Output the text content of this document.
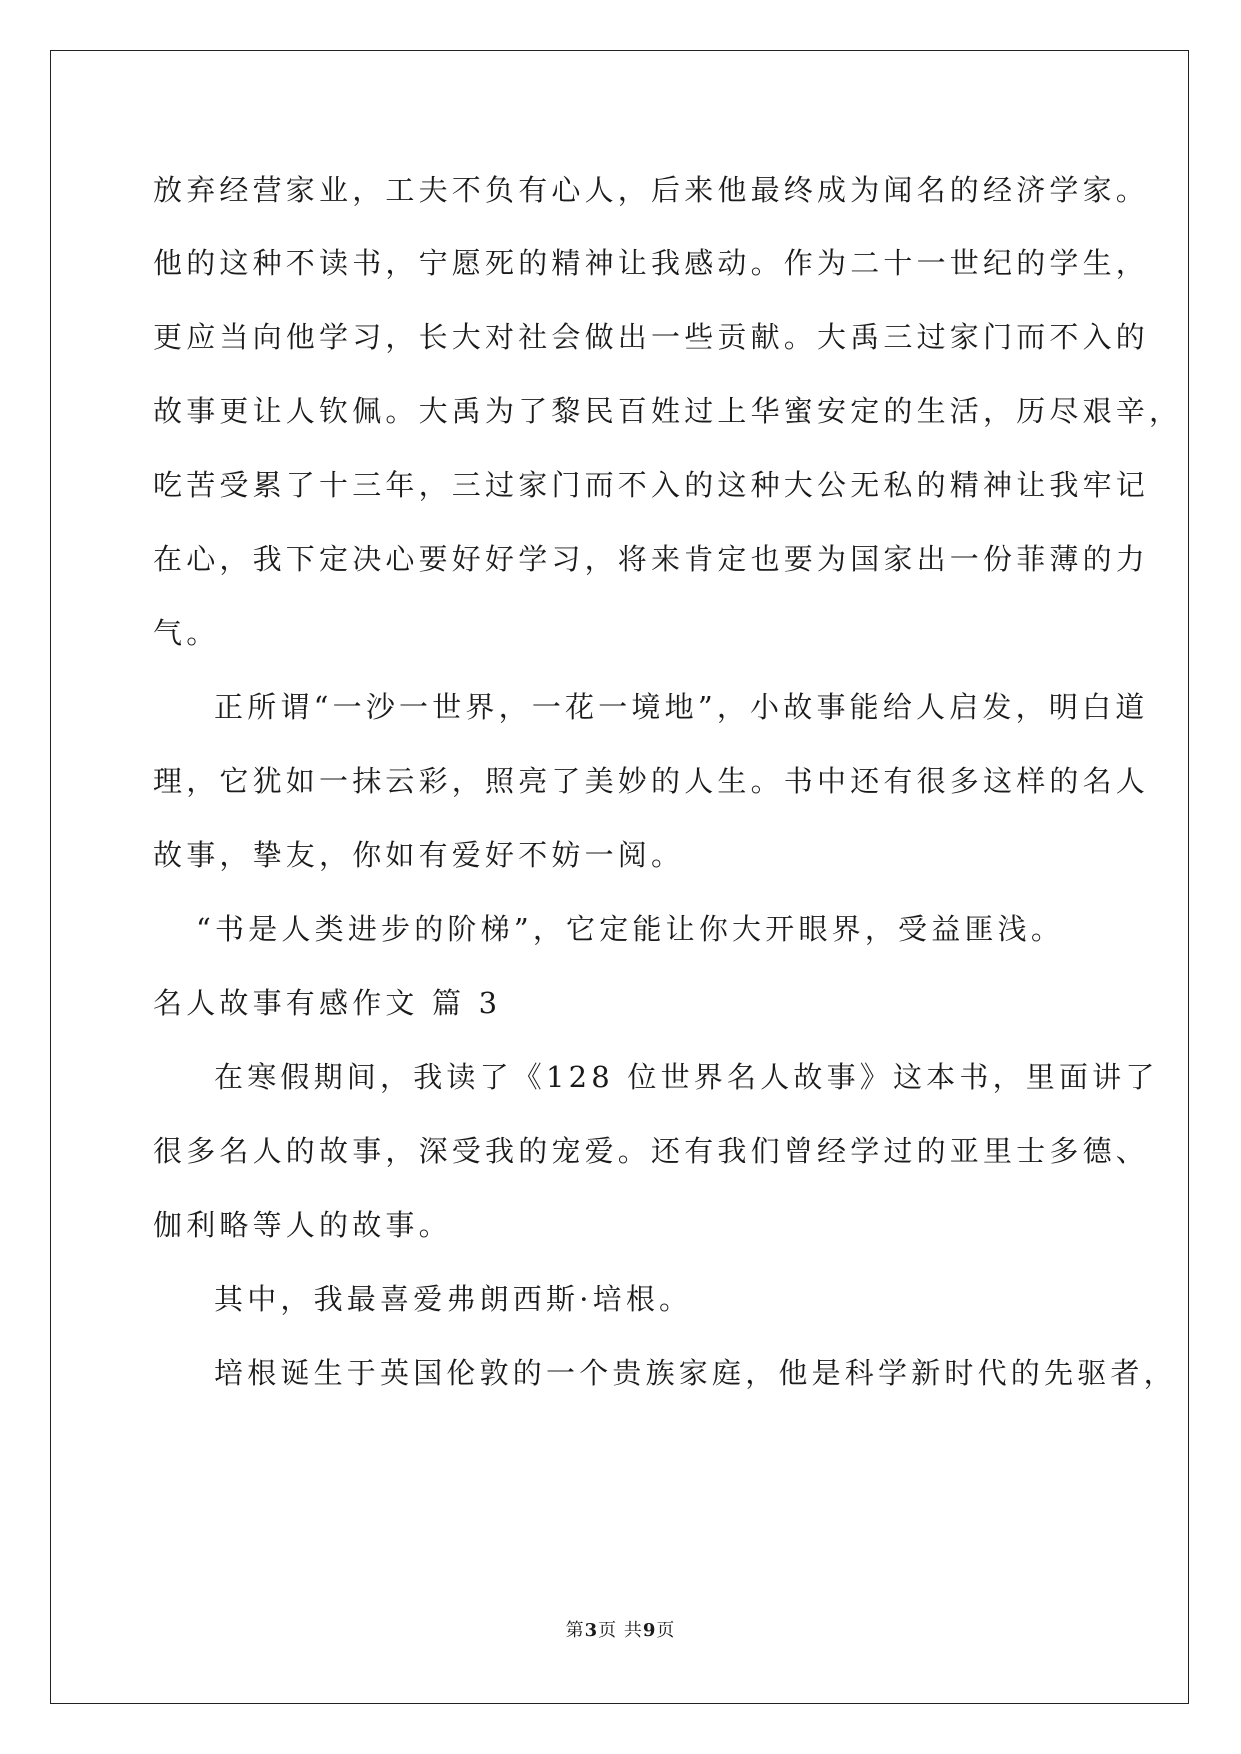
放弃经营家业，工夫不负有心人，后来他最终成为闻名的经济学家。
他的这种不读书，宁愿死的精神让我感动。作为二十一世纪的学生，
更应当向他学习，长大对社会做出一些贡献。大禹三过家门而不入的
故事更让人钦佩。大禹为了黎民百姓过上华蜜安定的生活，历尽艰辛，
吃苦受累了十三年，三过家门而不入的这种大公无私的精神让我牢记
在心，我下定决心要好好学习，将来肯定也要为国家出一份菲薄的力
气。
正所谓“一沙一世界，一花一境地”，小故事能给人启发，明白道
理，它犹如一抹云彩，照亮了美妙的人生。书中还有很多这样的名人
故事，挚友，你如有爱好不妨一阅。
“书是人类进步的阶梯”，它定能让你大开眼界，受益匪浅。
名人故事有感作文 篇 3
在寒假期间，我读了《128 位世界名人故事》这本书，里面讲了
很多名人的故事，深受我的宠爱。还有我们曾经学过的亚里士多德、
伽利略等人的故事。
其中，我最喜爱弗朗西斯·培根。
培根诞生于英国伦敦的一个贵族家庭，他是科学新时代的先驱者，
第3页 共9页
